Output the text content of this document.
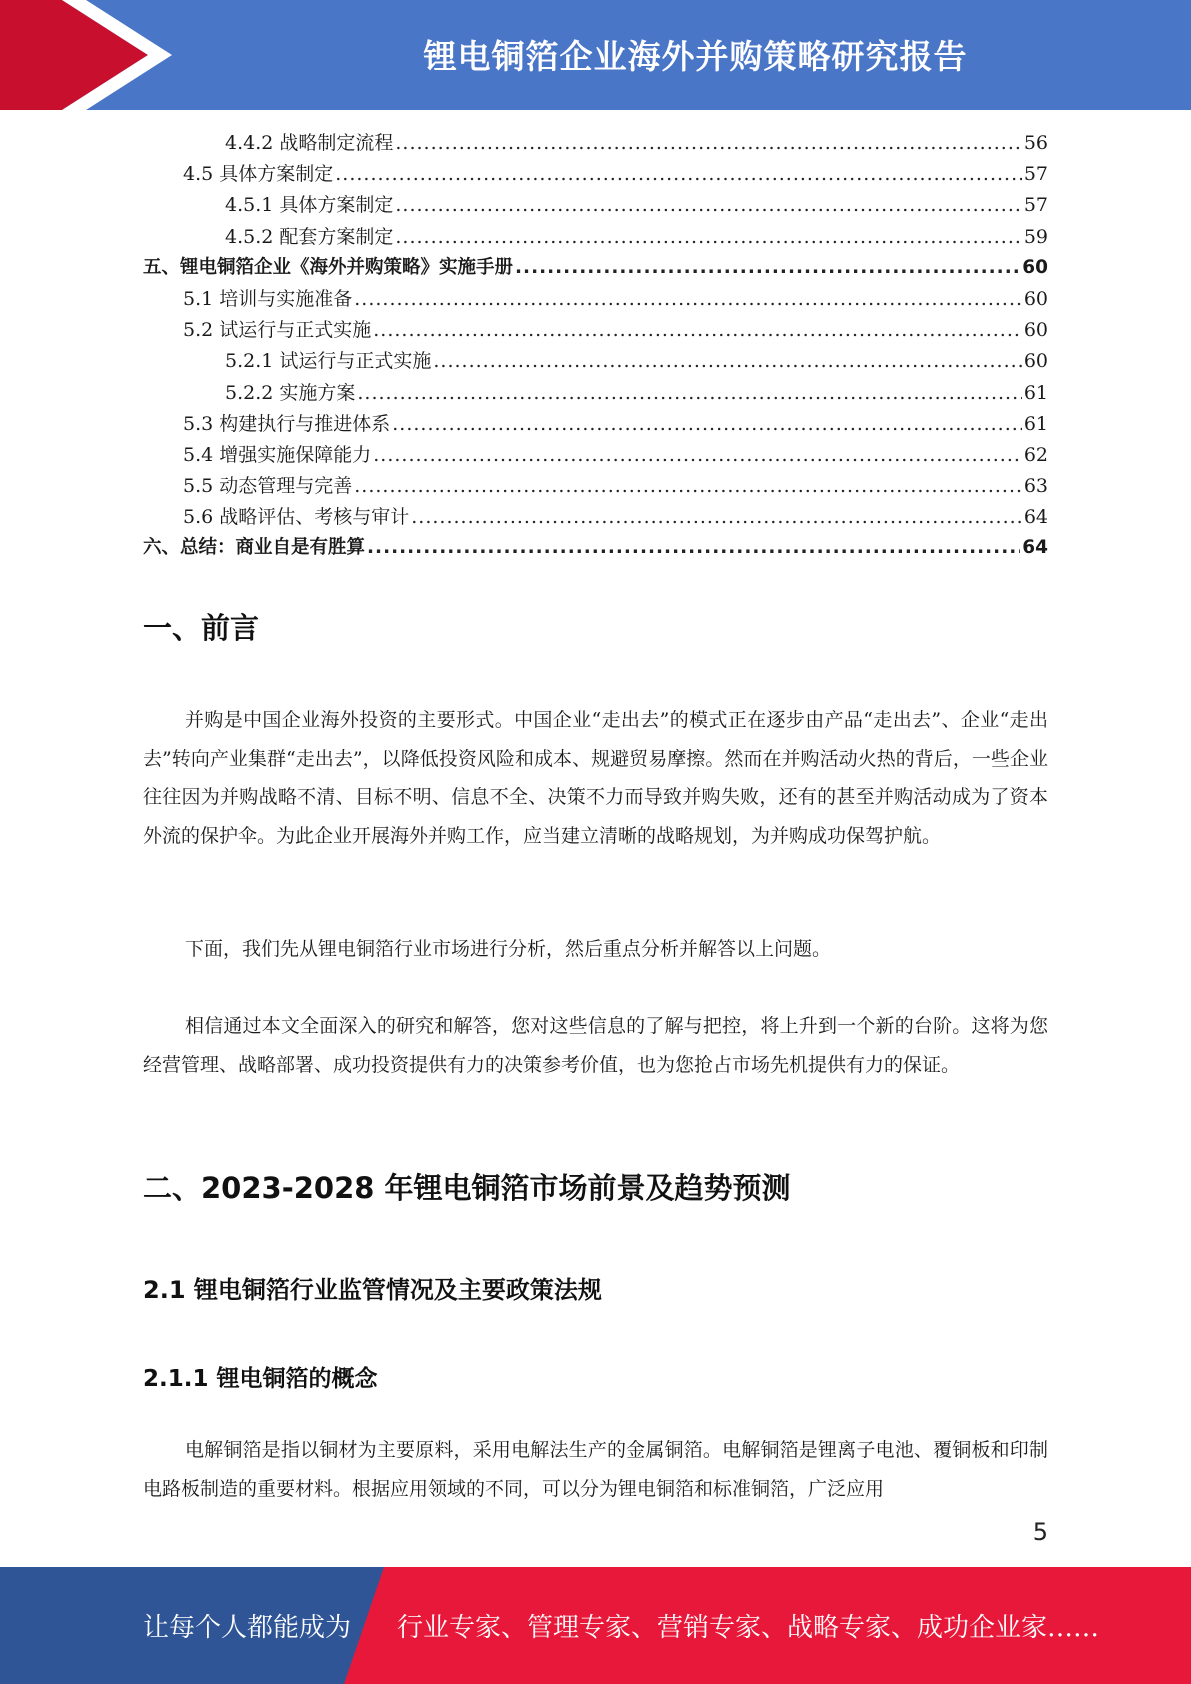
锂电铜箔企业海外并购策略研究报告
4.4.2 战略制定流程 .....	56
4.5 具体方案制定 .....	57
4.5.1 具体方案制定 .....	57
4.5.2 配套方案制定 .....	59
五、锂电铜箔企业《海外并购策略》实施手册 .....	60
5.1 培训与实施准备 .....	60
5.2 试运行与正式实施 .....	60
5.2.1 试运行与正式实施 .....	60
5.2.2 实施方案 .....	61
5.3 构建执行与推进体系 .....	61
5.4 增强实施保障能力 .....	62
5.5 动态管理与完善 .....	63
5.6 战略评估、考核与审计 .....	64
六、总结：商业自是有胜算 .....	64
一、前言

并购是中国企业海外投资的主要形式。中国企业“走出去”的模式正在逐步由产品“走出去”、企业“走出去”转向产业集群“走出去”，以降低投资风险和成本、规避贸易摩擦。然而在并购活动火热的背后，一些企业往往因为并购战略不清、目标不明、信息不全、决策不力而导致并购失败，还有的甚至并购活动成为了资本外流的保护伞。为此企业开展海外并购工作，应当建立清晰的战略规划，为并购成功保驾护航。

下面，我们先从锂电铜箔行业市场进行分析，然后重点分析并解答以上问题。

相信通过本文全面深入的研究和解答，您对这些信息的了解与把控，将上升到一个新的台阶。这将为您经营管理、战略部署、成功投资提供有力的决策参考价值，也为您抢占市场先机提供有力的保证。

二、2023-2028 年锂电铜箔市场前景及趋势预测
2.1 锂电铜箔行业监管情况及主要政策法规
2.1.1 锂电铜箔的概念

电解铜箔是指以铜材为主要原料，采用电解法生产的金属铜箔。电解铜箔是锂离子电池、覆铜板和印制电路板制造的重要材料。根据应用领域的不同，可以分为锂电铜箔和标准铜箔，广泛应用

5
让每个人都能成为 行业专家、管理专家、营销专家、战略专家、成功企业家……
